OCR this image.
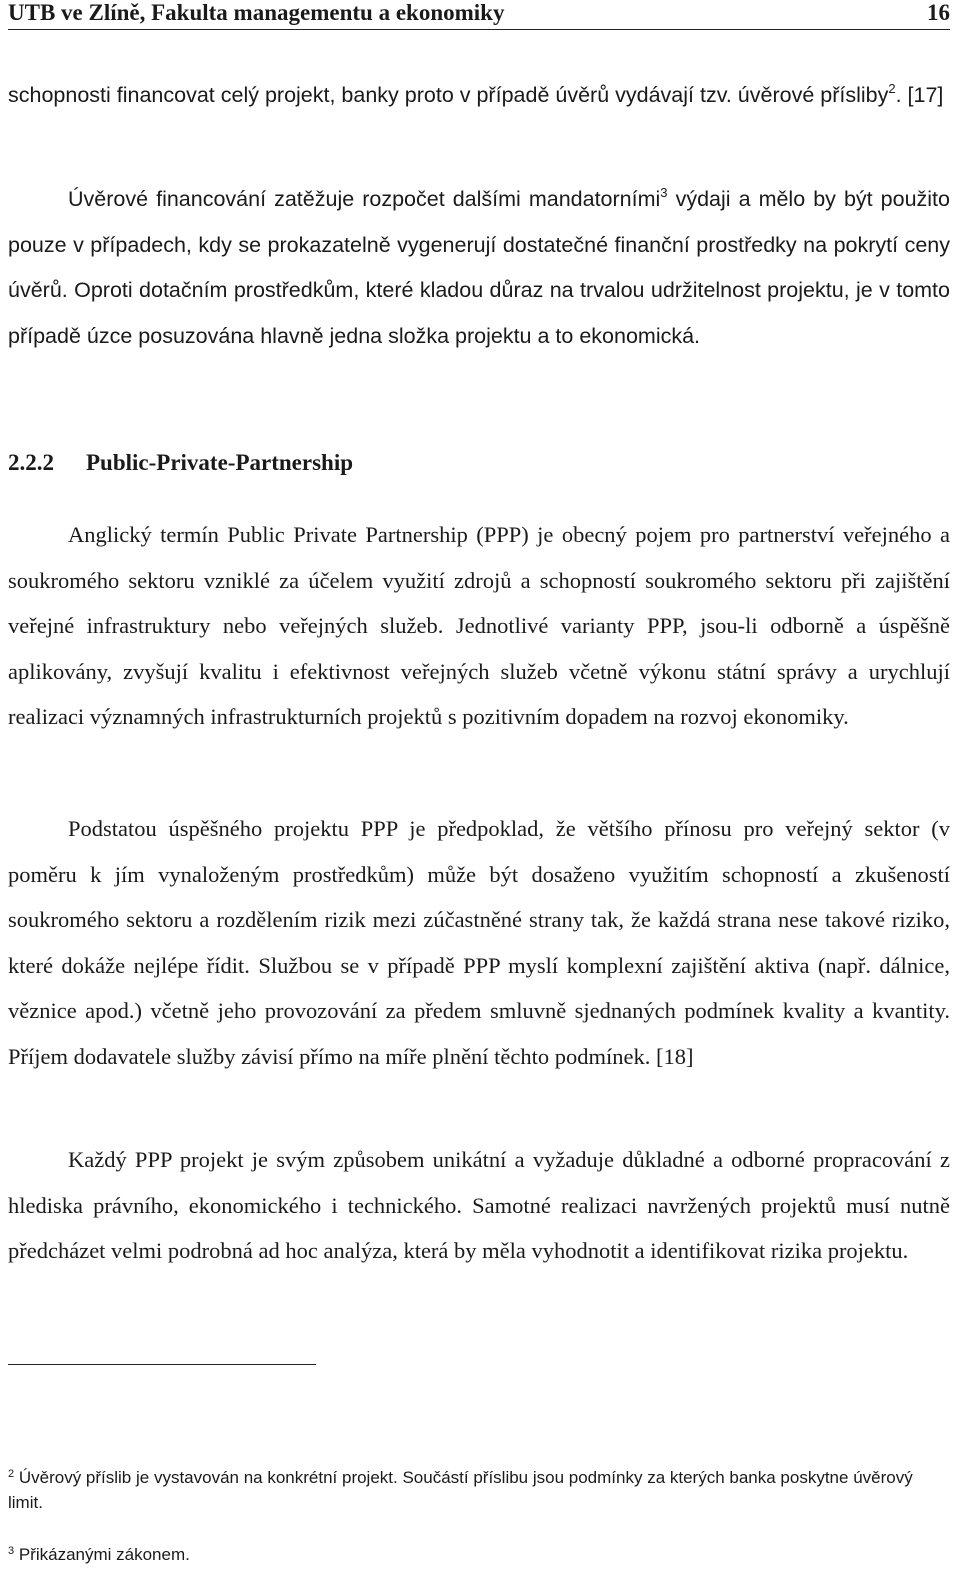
UTB ve Zlíně, Fakulta managementu a ekonomiky	16

schopnosti financovat celý projekt, banky proto v případě úvěrů vydávají tzv. úvěrové přísliby$^2$. [17]

Úvěrové financování zatěžuje rozpočet dalšími mandatorními$^3$ výdaji a mělo by být použito pouze v případech, kdy se prokazatelně vygenerují dostatečné finanční prostředky na pokrytí ceny úvěrů. Oproti dotačním prostředkům, které kladou důraz na trvalou udržitelnost projektu, je v tomto případě úzce posuzována hlavně jedna složka projektu a to ekonomická.

2.2.2 Public-Private-Partnership

Anglický termín Public Private Partnership (PPP) je obecný pojem pro partnerství veřejného a soukromého sektoru vzniklé za účelem využití zdrojů a schopností soukromého sektoru při zajištění veřejné infrastruktury nebo veřejných služeb. Jednotlivé varianty PPP, jsou-li odborně a úspěšně aplikovány, zvyšují kvalitu i efektivnost veřejných služeb včetně výkonu státní správy a urychlují realizaci významných infrastrukturních projektů s pozitivním dopadem na rozvoj ekonomiky.

Podstatou úspěšného projektu PPP je předpoklad, že většího přínosu pro veřejný sektor (v poměru k jím vynaloženým prostředkům) může být dosaženo využitím schopností a zkušeností soukromého sektoru a rozdělením rizik mezi zúčastněné strany tak, že každá strana nese takové riziko, které dokáže nejlépe řídit. Službou se v případě PPP myslí komplexní zajištění aktiva (např. dálnice, věznice apod.) včetně jeho provozování za předem smluvně sjednaných podmínek kvality a kvantity. Příjem dodavatele služby závisí přímo na míře plnění těchto podmínek. [18]

Každý PPP projekt je svým způsobem unikátní a vyžaduje důkladné a odborné propracování z hlediska právního, ekonomického i technického. Samotné realizaci navržených projektů musí nutně předcházet velmi podrobná ad hoc analýza, která by měla vyhodnotit a identifikovat rizika projektu.

$^2$ Úvěrový příslib je vystavován na konkrétní projekt. Součástí příslibu jsou podmínky za kterých banka poskytne úvěrový limit.

$^3$ Přikázanými zákonem.
